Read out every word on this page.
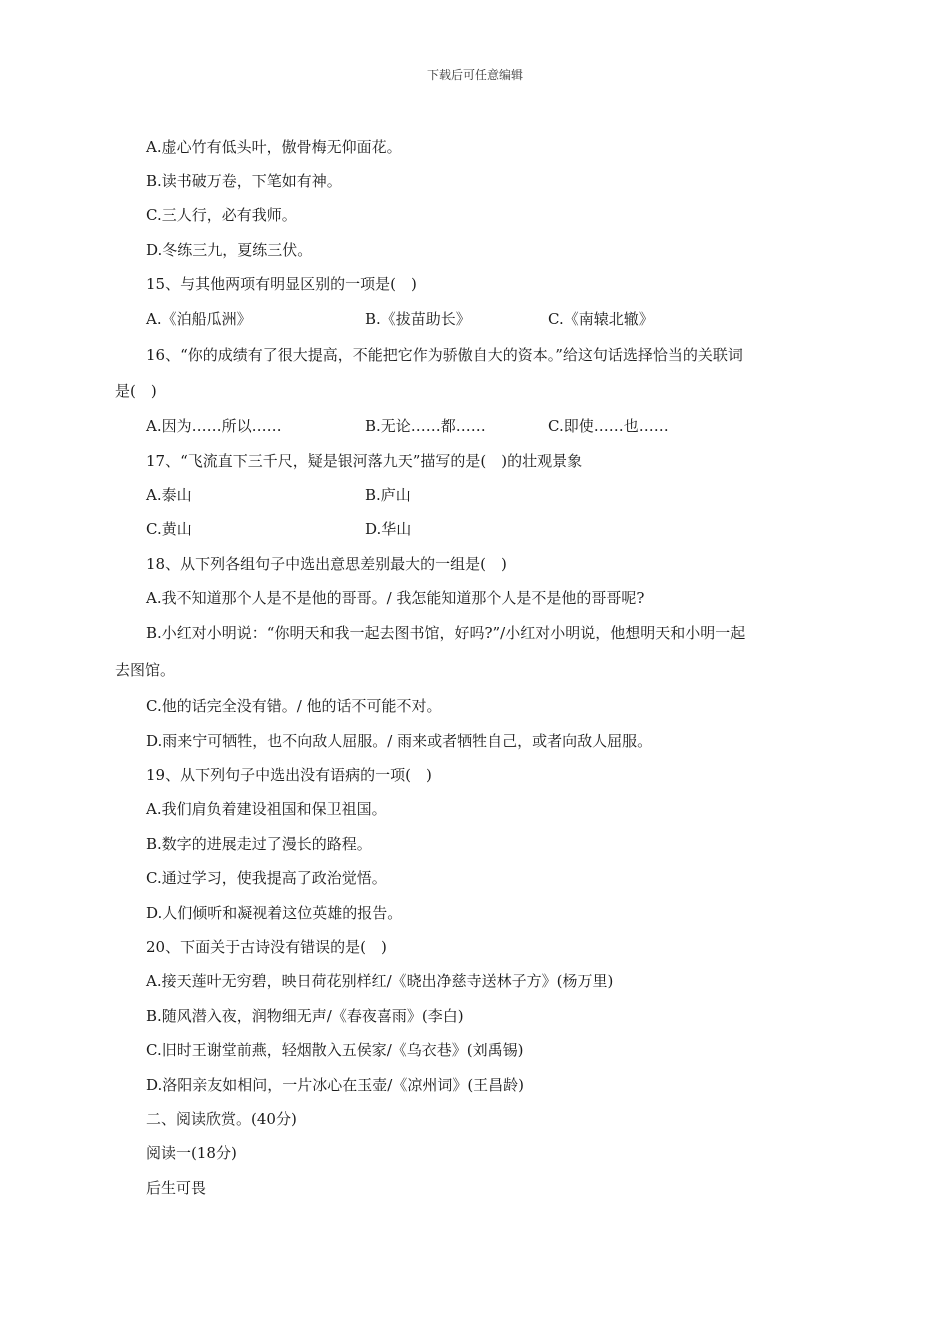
下载后可任意编辑
A.虚心竹有低头叶，傲骨梅无仰面花。
B.读书破万卷，下笔如有神。
C.三人行，必有我师。
D.冬练三九，夏练三伏。
15、与其他两项有明显区别的一项是(　)
A.《泊船瓜洲》	B.《拔苗助长》	C.《南辕北辙》
16、“你的成绩有了很大提高，不能把它作为骄傲自大的资本。”给这句话选择恰当的关联词
是(　)
A.因为……所以……	B.无论……都……	C.即使……也……
17、“飞流直下三千尺，疑是银河落九天”描写的是(　)的壮观景象
A.泰山	B.庐山
C.黄山	D.华山
18、从下列各组句子中选出意思差别最大的一组是(　)
A.我不知道那个人是不是他的哥哥。/ 我怎能知道那个人是不是他的哥哥呢?
B.小红对小明说：“你明天和我一起去图书馆，好吗?”/小红对小明说，他想明天和小明一起
去图馆。
C.他的话完全没有错。/ 他的话不可能不对。
D.雨来宁可牺牲，也不向敌人屈服。/ 雨来或者牺牲自己，或者向敌人屈服。
19、从下列句子中选出没有语病的一项(　)
A.我们肩负着建设祖国和保卫祖国。
B.数字的进展走过了漫长的路程。
C.通过学习，使我提高了政治觉悟。
D.人们倾听和凝视着这位英雄的报告。
20、下面关于古诗没有错误的是(　)
A.接天莲叶无穷碧，映日荷花别样红/《晓出净慈寺送林子方》(杨万里)
B.随风潜入夜，润物细无声/《春夜喜雨》(李白)
C.旧时王谢堂前燕，轻烟散入五侯家/《乌衣巷》(刘禹锡)
D.洛阳亲友如相问，一片冰心在玉壶/《凉州词》(王昌龄)
二、阅读欣赏。(40分)
阅读一(18分)
后生可畏
